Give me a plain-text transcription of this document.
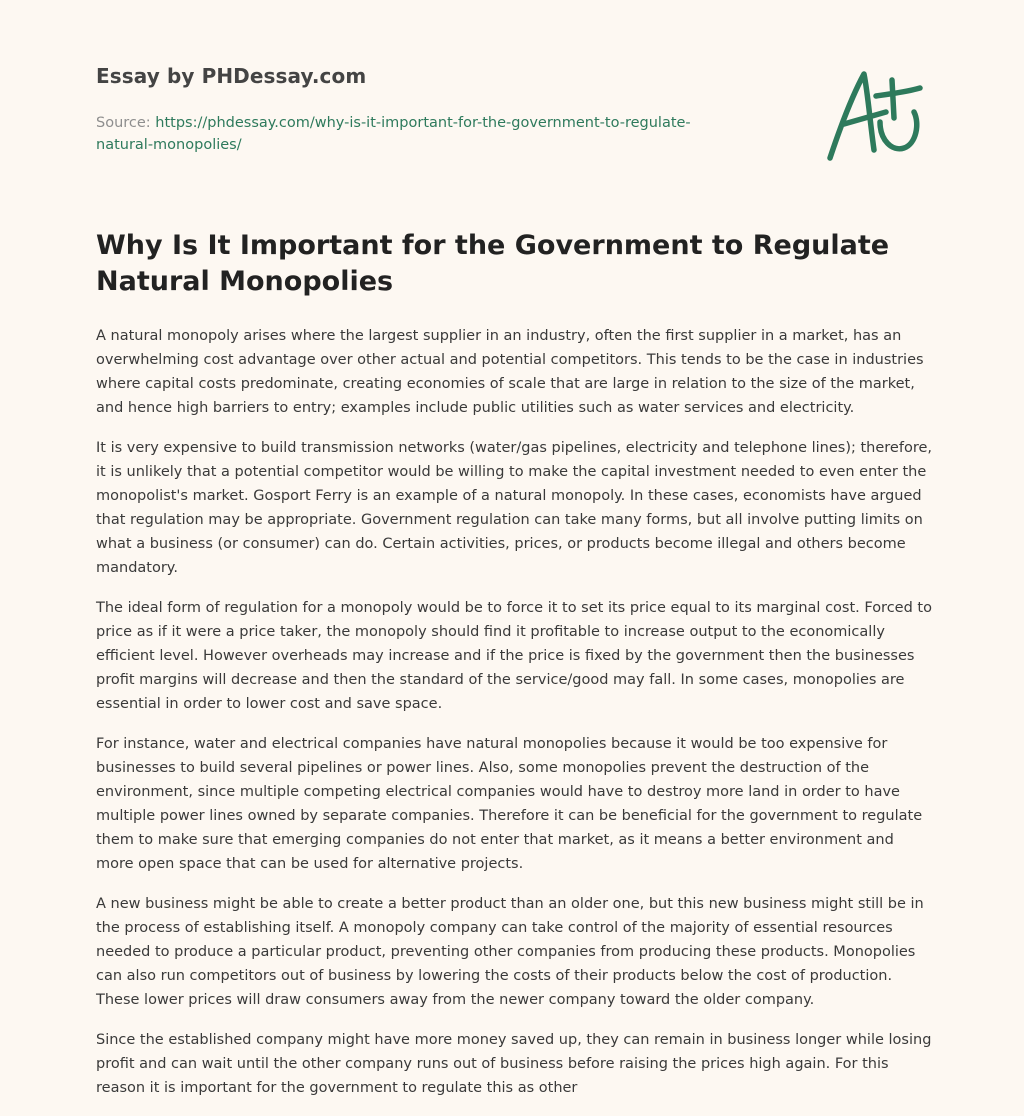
Essay by PHDessay.com
Source: https://phdessay.com/why-is-it-important-for-the-government-to-regulate-natural-monopolies/
Why Is It Important for the Government to Regulate Natural Monopolies

A natural monopoly arises where the largest supplier in an industry, often the first supplier in a market, has an overwhelming cost advantage over other actual and potential competitors. This tends to be the case in industries where capital costs predominate, creating economies of scale that are large in relation to the size of the market, and hence high barriers to entry; examples include public utilities such as water services and electricity.

It is very expensive to build transmission networks (water/gas pipelines, electricity and telephone lines); therefore, it is unlikely that a potential competitor would be willing to make the capital investment needed to even enter the monopolist's market. Gosport Ferry is an example of a natural monopoly. In these cases, economists have argued that regulation may be appropriate. Government regulation can take many forms, but all involve putting limits on what a business (or consumer) can do. Certain activities, prices, or products become illegal and others become mandatory.

The ideal form of regulation for a monopoly would be to force it to set its price equal to its marginal cost. Forced to price as if it were a price taker, the monopoly should find it profitable to increase output to the economically efficient level. However overheads may increase and if the price is fixed by the government then the businesses profit margins will decrease and then the standard of the service/good may fall. In some cases, monopolies are essential in order to lower cost and save space.

For instance, water and electrical companies have natural monopolies because it would be too expensive for businesses to build several pipelines or power lines. Also, some monopolies prevent the destruction of the environment, since multiple competing electrical companies would have to destroy more land in order to have multiple power lines owned by separate companies. Therefore it can be beneficial for the government to regulate them to make sure that emerging companies do not enter that market, as it means a better environment and more open space that can be used for alternative projects.

A new business might be able to create a better product than an older one, but this new business might still be in the process of establishing itself. A monopoly company can take control of the majority of essential resources needed to produce a particular product, preventing other companies from producing these products. Monopolies can also run competitors out of business by lowering the costs of their products below the cost of production. These lower prices will draw consumers away from the newer company toward the older company.

Since the established company might have more money saved up, they can remain in business longer while losing profit and can wait until the other company runs out of business before raising the prices high again. For this reason it is important for the government to regulate this as other
